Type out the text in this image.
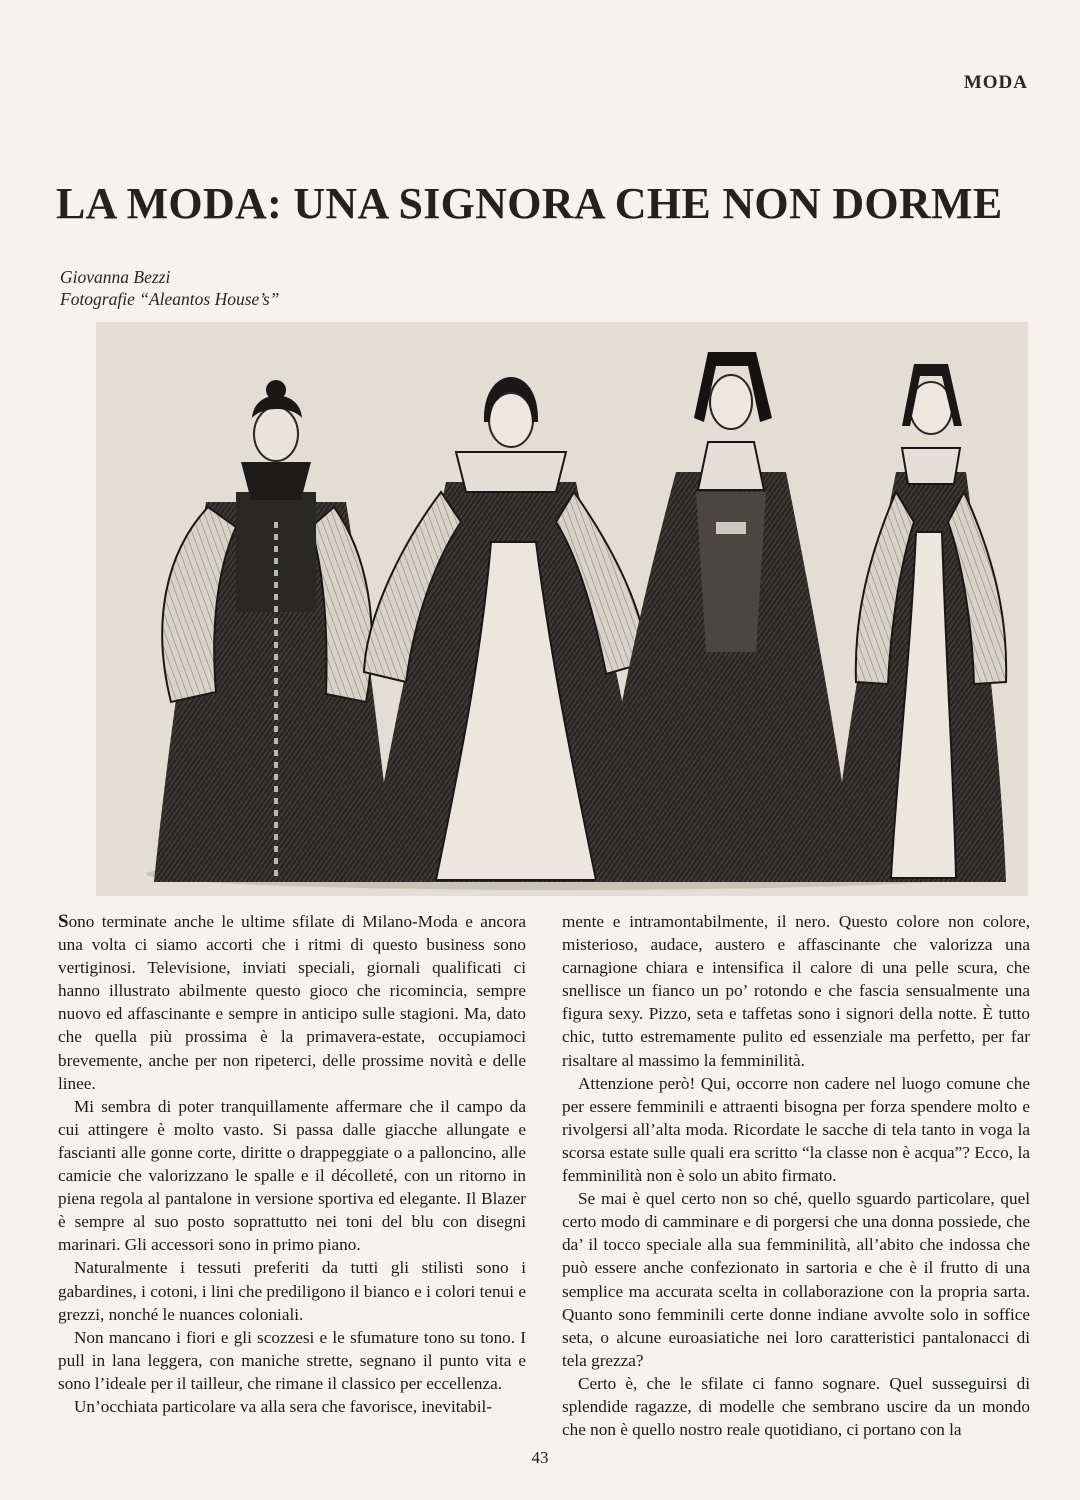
MODA
LA MODA: UNA SIGNORA CHE NON DORME
Giovanna Bezzi
Fotografie “Aleantos House’s”

Sono terminate anche le ultime sfilate di Milano-Moda e ancora una volta ci siamo accorti che i ritmi di questo business sono vertiginosi. Televisione, inviati speciali, giornali qualificati ci hanno illustrato abilmente questo gioco che ricomincia, sempre nuovo ed affascinante e sempre in anticipo sulle stagioni. Ma, dato che quella più prossima è la primavera-estate, occupiamoci brevemente, anche per non ripeterci, delle prossime novità e delle linee.

Mi sembra di poter tranquillamente affermare che il campo da cui attingere è molto vasto. Si passa dalle giacche allungate e fascianti alle gonne corte, diritte o drappeggiate o a palloncino, alle camicie che valorizzano le spalle e il décolleté, con un ritorno in piena regola al pantalone in versione sportiva ed elegante. Il Blazer è sempre al suo posto soprattutto nei toni del blu con disegni marinari. Gli accessori sono in primo piano.

Naturalmente i tessuti preferiti da tutti gli stilisti sono i gabardines, i cotoni, i lini che prediligono il bianco e i colori tenui e grezzi, nonché le nuances coloniali.

Non mancano i fiori e gli scozzesi e le sfumature tono su tono. I pull in lana leggera, con maniche strette, segnano il punto vita e sono l’ideale per il tailleur, che rimane il classico per eccellenza.

Un’occhiata particolare va alla sera che favorisce, inevitabil-

mente e intramontabilmente, il nero. Questo colore non colore, misterioso, audace, austero e affascinante che valorizza una carnagione chiara e intensifica il calore di una pelle scura, che snellisce un fianco un po’ rotondo e che fascia sensualmente una figura sexy. Pizzo, seta e taffetas sono i signori della notte. È tutto chic, tutto estremamente pulito ed essenziale ma perfetto, per far risaltare al massimo la femminilità.

Attenzione però! Qui, occorre non cadere nel luogo comune che per essere femminili e attraenti bisogna per forza spendere molto e rivolgersi all’alta moda. Ricordate le sacche di tela tanto in voga la scorsa estate sulle quali era scritto “la classe non è acqua”? Ecco, la femminilità non è solo un abito firmato.

Se mai è quel certo non so ché, quello sguardo particolare, quel certo modo di camminare e di porgersi che una donna possiede, che da’ il tocco speciale alla sua femminilità, all’abito che indossa che può essere anche confezionato in sartoria e che è il frutto di una semplice ma accurata scelta in collaborazione con la propria sarta. Quanto sono femminili certe donne indiane avvolte solo in soffice seta, o alcune euroasiatiche nei loro caratteristici pantalonacci di tela grezza?

Certo è, che le sfilate ci fanno sognare. Quel susseguirsi di splendide ragazze, di modelle che sembrano uscire da un mondo che non è quello nostro reale quotidiano, ci portano con la

43
